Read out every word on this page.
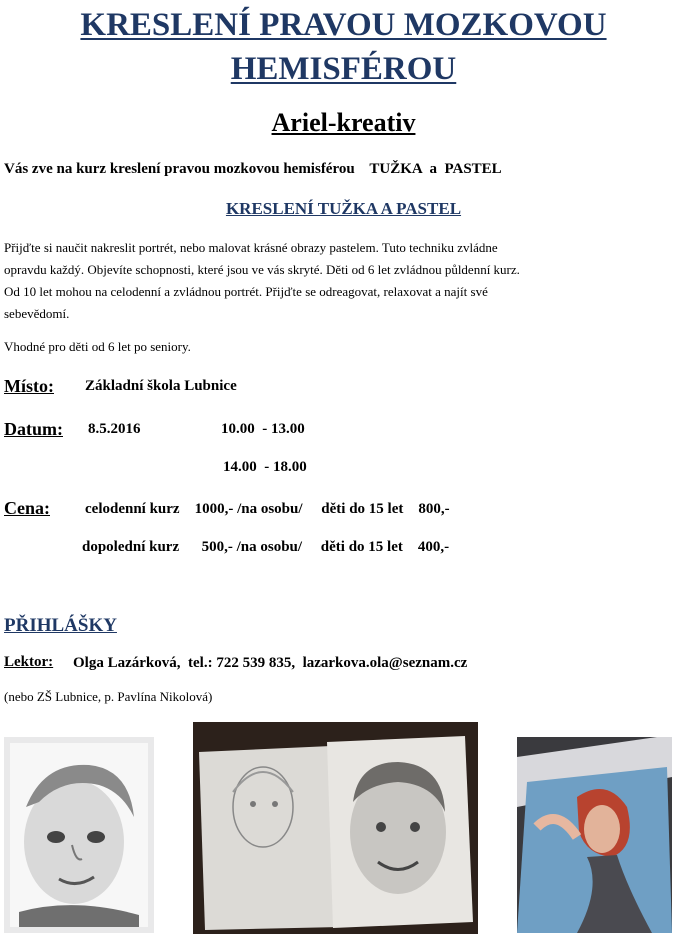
KRESLENÍ PRAVOU MOZKOVOU
HEMISFÉROU
Ariel-kreativ
Vás zve na kurz kreslení pravou mozkovou hemisférou    TUŽKA  a  PASTEL
KRESLENÍ TUŽKA A PASTEL

Přijďte si naučit nakreslit portrét, nebo malovat krásné obrazy pastelem. Tuto techniku zvládne

opravdu každý. Objevíte schopnosti, které jsou ve vás skryté. Děti od 6 let zvládnou půldenní kurz.

Od 10 let mohou na celodenní a zvládnou portrét. Přijďte se odreagovat, relaxovat a najít své

sebevědomí.

Vhodné pro děti od 6 let po seniory.
Místo: Základní škola Lubnice
Datum: 8.5.2016	10.00  - 13.00
14.00  - 18.00
Cena: celodenní kurz    1000,- /na osobu/     děti do 15 let    800,-
dopolední kurz      500,- /na osobu/     děti do 15 let    400,-
PŘIHLÁŠKY
Lektor: Olga Lazárková,  tel.: 722 539 835,  lazarkova.ola@seznam.cz
(nebo ZŠ Lubnice, p. Pavlína Nikolová)
